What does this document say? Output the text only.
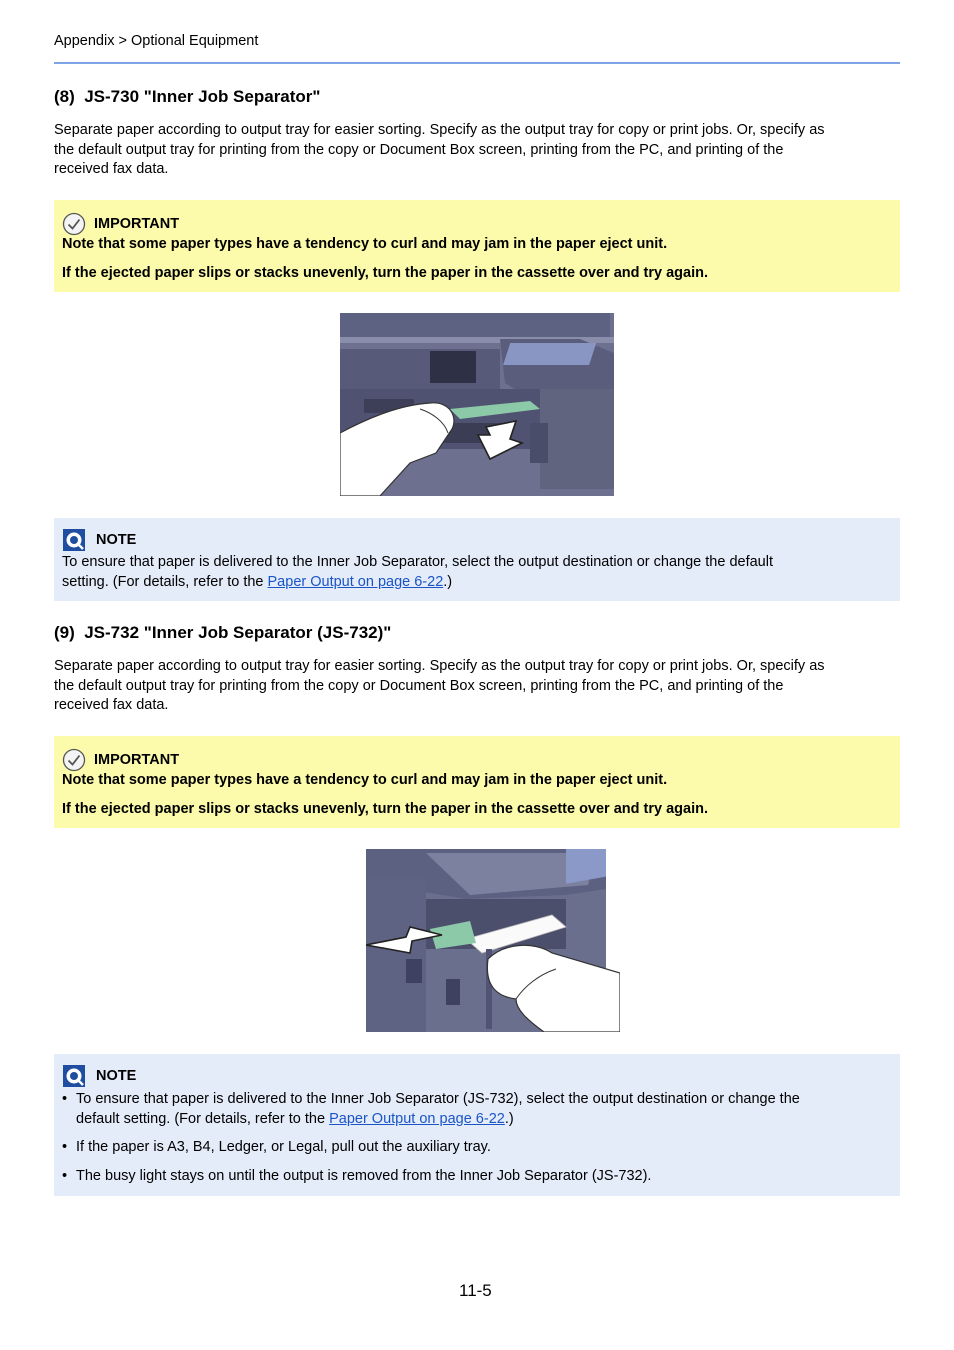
Appendix > Optional Equipment
(8)  JS-730 "Inner Job Separator"
Separate paper according to output tray for easier sorting. Specify as the output tray for copy or print jobs. Or, specify as
the default output tray for printing from the copy or Document Box screen, printing from the PC, and printing of the
received fax data.
IMPORTANT
Note that some paper types have a tendency to curl and may jam in the paper eject unit.
If the ejected paper slips or stacks unevenly, turn the paper in the cassette over and try again.
NOTE
To ensure that paper is delivered to the Inner Job Separator, select the output destination or change the default
setting. (For details, refer to the Paper Output on page 6-22.)
(9)  JS-732 "Inner Job Separator (JS-732)"
Separate paper according to output tray for easier sorting. Specify as the output tray for copy or print jobs. Or, specify as
the default output tray for printing from the copy or Document Box screen, printing from the PC, and printing of the
received fax data.
IMPORTANT
Note that some paper types have a tendency to curl and may jam in the paper eject unit.
If the ejected paper slips or stacks unevenly, turn the paper in the cassette over and try again.
NOTE
• To ensure that paper is delivered to the Inner Job Separator (JS-732), select the output destination or change the
default setting. (For details, refer to the Paper Output on page 6-22.)
• If the paper is A3, B4, Ledger, or Legal, pull out the auxiliary tray.
• The busy light stays on until the output is removed from the Inner Job Separator (JS-732).
11-5
